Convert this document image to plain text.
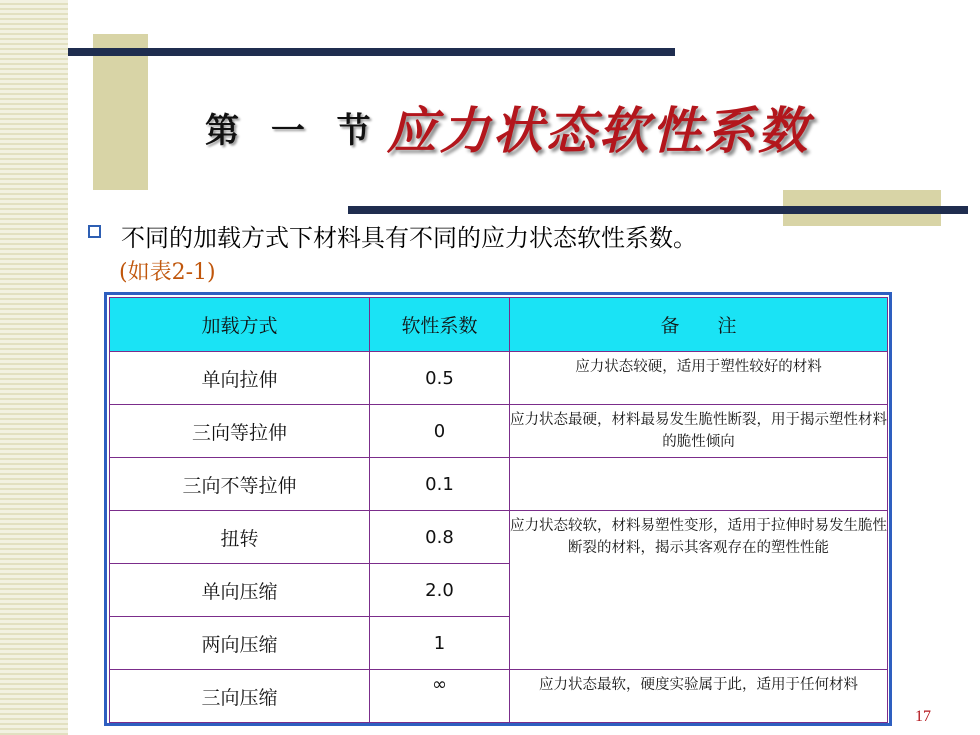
第 一 节 应力状态软性系数
不同的加载方式下材料具有不同的应力状态软性系数。
(如表2-1)
加载方式	软性系数	备　　注
单向拉伸	0.5	应力状态较硬，适用于塑性较好的材料
三向等拉伸	0	应力状态最硬，材料最易发生脆性断裂，用于揭示塑性材料的脆性倾向
三向不等拉伸	0.1	
扭转	0.8	应力状态较软，材料易塑性变形，适用于拉伸时易发生脆性断裂的材料，揭示其客观存在的塑性性能
单向压缩	2.0	
两向压缩	1	
三向压缩	∞	应力状态最软，硬度实验属于此，适用于任何材料
17
